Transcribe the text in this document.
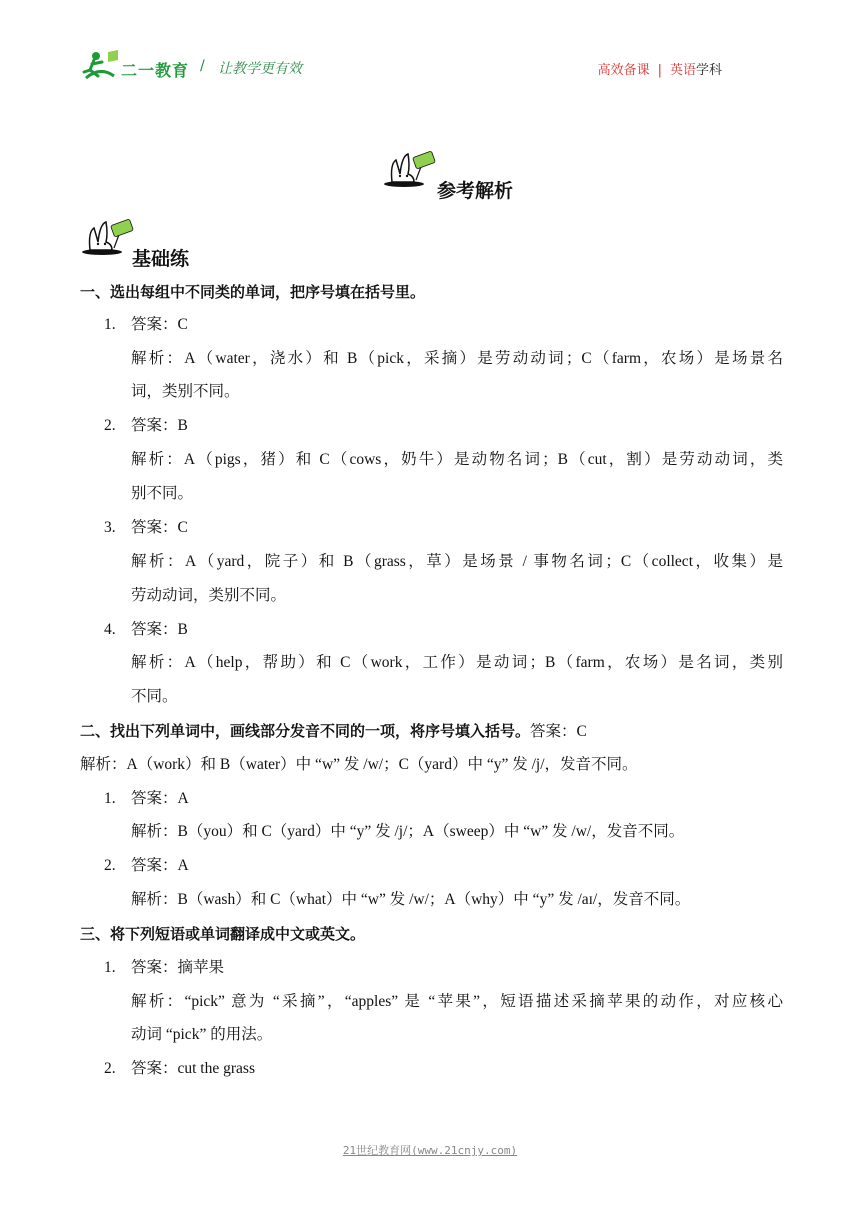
二一教育 / 让教学更有效	高效备课 | 英语学科
参考解析
基础练
一、选出每组中不同类的单词，把序号填在括号里。
1. 答案：C
解析：A（water，浇水）和 B（pick，采摘）是劳动动词；C（farm，农场）是场景名
词，类别不同。
2. 答案：B
解析：A（pigs，猪）和 C（cows，奶牛）是动物名词；B（cut，割）是劳动动词，类
别不同。
3. 答案：C
解析：A（yard，院子）和 B（grass，草）是场景 / 事物名词；C（collect，收集）是
劳动动词，类别不同。
4. 答案：B
解析：A（help，帮助）和 C（work，工作）是动词；B（farm，农场）是名词，类别
不同。
二、找出下列单词中，画线部分发音不同的一项，将序号填入括号。答案：C
解析：A（work）和 B（water）中 “w” 发 /w/；C（yard）中 “y” 发 /j/，发音不同。
1. 答案：A
解析：B（you）和 C（yard）中 “y” 发 /j/；A（sweep）中 “w” 发 /w/，发音不同。
2. 答案：A
解析：B（wash）和 C（what）中 “w” 发 /w/；A（why）中 “y” 发 /aɪ/，发音不同。
三、将下列短语或单词翻译成中文或英文。
1. 答案：摘苹果
解析：“pick” 意为 “采摘”，“apples” 是 “苹果”，短语描述采摘苹果的动作，对应核心
动词 “pick” 的用法。
2. 答案：cut the grass
21世纪教育网(www.21cnjy.com)
